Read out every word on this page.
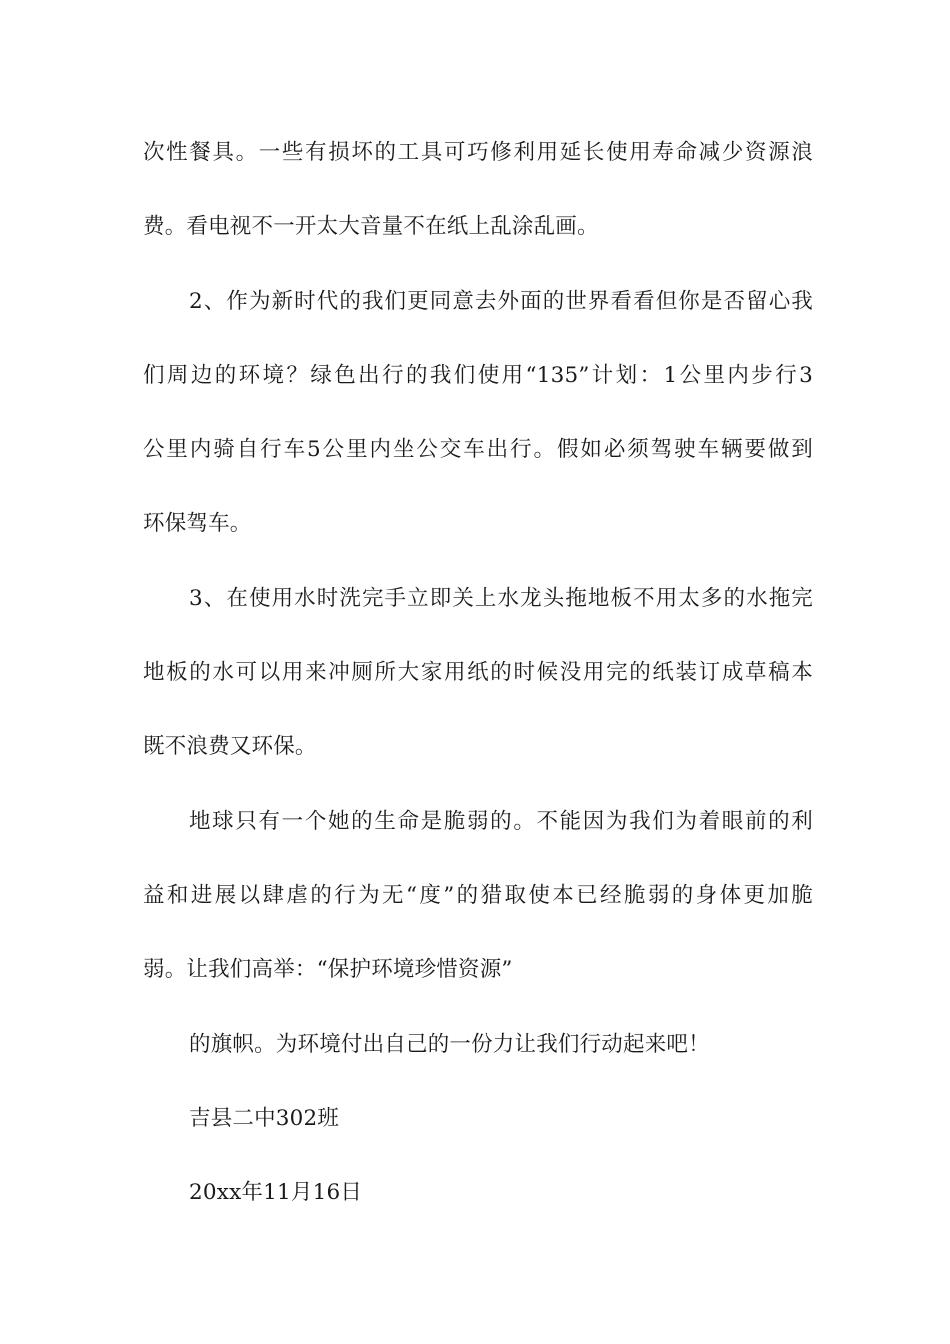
次性餐具。一些有损坏的工具可巧修利用延长使用寿命减少资源浪
费。看电视不一开太大音量不在纸上乱涂乱画。
2、作为新时代的我们更同意去外面的世界看看但你是否留心我
们周边的环境？绿色出行的我们使用“135”计划：1公里内步行3
公里内骑自行车5公里内坐公交车出行。假如必须驾驶车辆要做到
环保驾车。
3、在使用水时洗完手立即关上水龙头拖地板不用太多的水拖完
地板的水可以用来冲厕所大家用纸的时候没用完的纸装订成草稿本
既不浪费又环保。
地球只有一个她的生命是脆弱的。不能因为我们为着眼前的利
益和进展以肆虐的行为无“度”的猎取使本已经脆弱的身体更加脆
弱。让我们高举：“保护环境珍惜资源”
的旗帜。为环境付出自己的一份力让我们行动起来吧！
吉县二中302班
20xx年11月16日
